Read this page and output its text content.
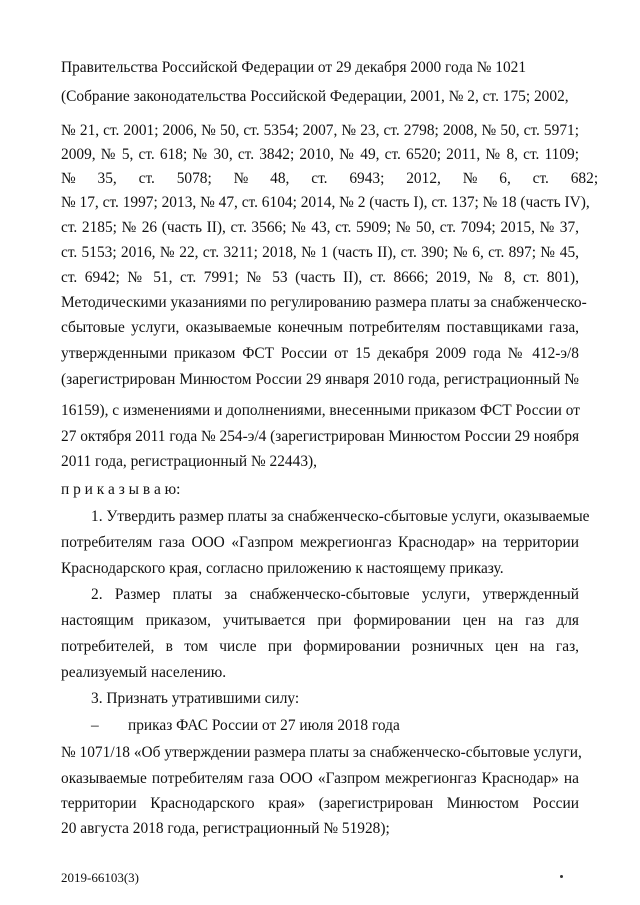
Правительства Российской Федерации от 29 декабря 2000 года № 1021
(Собрание законодательства Российской Федерации, 2001, № 2, ст. 175; 2002,
№ 21, ст. 2001; 2006, № 50, ст. 5354; 2007, № 23, ст. 2798; 2008, № 50, ст. 5971;
2009, № 5, ст. 618; № 30, ст. 3842; 2010, № 49, ст. 6520; 2011, № 8, ст. 1109;
№ 35, ст. 5078; № 48, ст. 6943; 2012, № 6, ст. 682;
№ 17, ст. 1997; 2013, № 47, ст. 6104; 2014, № 2 (часть I), ст. 137; № 18 (часть IV),
ст. 2185; № 26 (часть II), ст. 3566; № 43, ст. 5909; № 50, ст. 7094; 2015, № 37,
ст. 5153; 2016, № 22, ст. 3211; 2018, № 1 (часть II), ст. 390; № 6, ст. 897; № 45,
ст. 6942; № 51, ст. 7991; № 53 (часть II), ст. 8666; 2019, № 8, ст. 801),
Методическими указаниями по регулированию размера платы за снабженческо-
сбытовые услуги, оказываемые конечным потребителям поставщиками газа,
утвержденными приказом ФСТ России от 15 декабря 2009 года № 412-э/8
(зарегистрирован Минюстом России 29 января 2010 года, регистрационный №
16159), с изменениями и дополнениями, внесенными приказом ФСТ России от
27 октября 2011 года № 254-э/4 (зарегистрирован Минюстом России 29 ноября
2011 года, регистрационный № 22443),
п р и к а з ы в а ю:
1. Утвердить размер платы за снабженческо-сбытовые услуги, оказываемые
потребителям газа ООО «Газпром межрегионгаз Краснодар» на территории
Краснодарского края, согласно приложению к настоящему приказу.
2. Размер платы за снабженческо-сбытовые услуги, утвержденный
настоящим приказом, учитывается при формировании цен на газ для
потребителей, в том числе при формировании розничных цен на газ,
реализуемый населению.
3. Признать утратившими силу:
– приказ ФАС России от 27 июля 2018 года
№ 1071/18 «Об утверждении размера платы за снабженческо-сбытовые услуги,
оказываемые потребителям газа ООО «Газпром межрегионгаз Краснодар» на
территории Краснодарского края» (зарегистрирован Минюстом России
20 августа 2018 года, регистрационный № 51928);
2019-66103(3)
